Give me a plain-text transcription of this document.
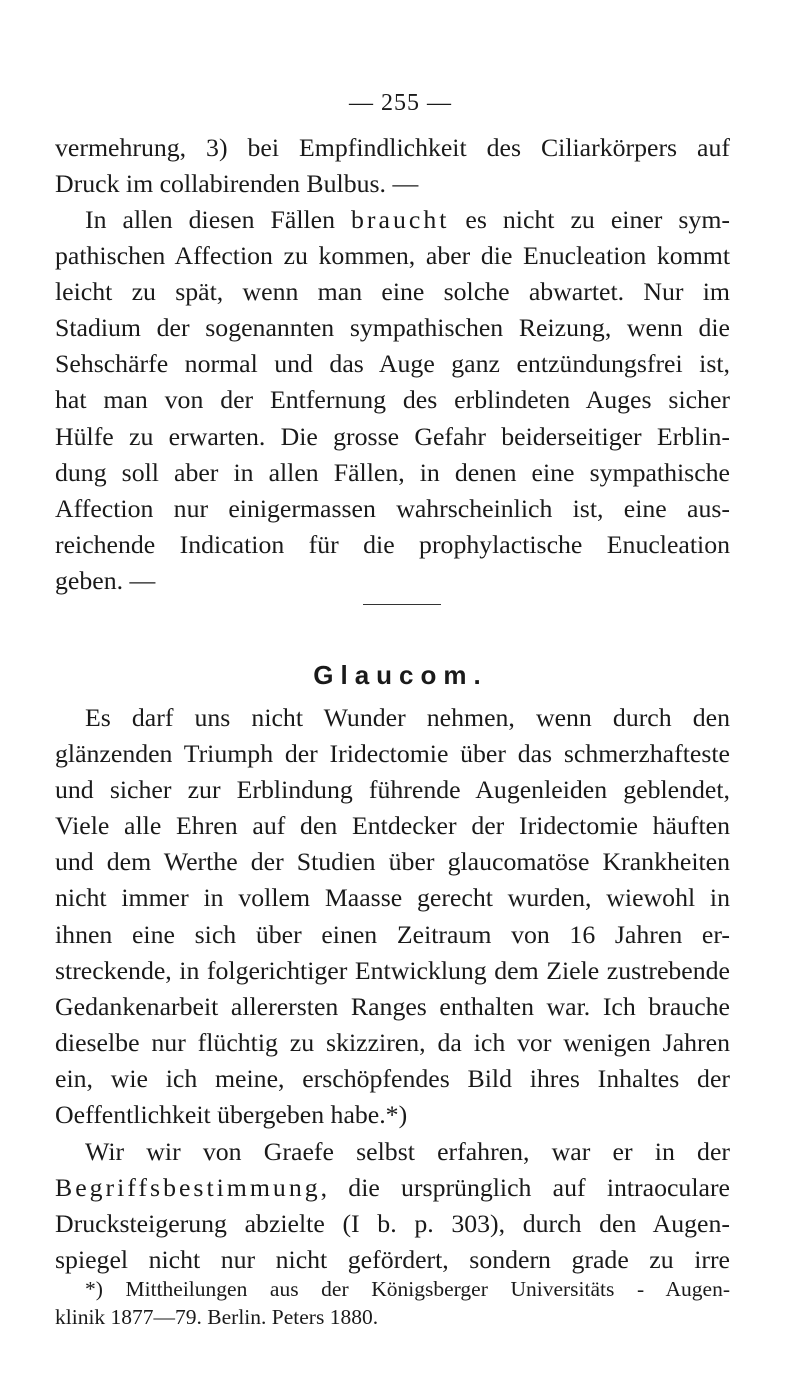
— 255 —
vermehrung, 3) bei Empfindlichkeit des Ciliarkörpers auf
Druck im collabirenden Bulbus. —
In allen diesen Fällen braucht es nicht zu einer sym-
pathischen Affection zu kommen, aber die Enucleation kommt
leicht zu spät, wenn man eine solche abwartet. Nur im
Stadium der sogenannten sympathischen Reizung, wenn die
Sehschärfe normal und das Auge ganz entzündungsfrei ist,
hat man von der Entfernung des erblindeten Auges sicher
Hülfe zu erwarten. Die grosse Gefahr beiderseitiger Erblin-
dung soll aber in allen Fällen, in denen eine sympathische
Affection nur einigermassen wahrscheinlich ist, eine aus-
reichende Indication für die prophylactische Enucleation
geben. —
Glaucom.
Es darf uns nicht Wunder nehmen, wenn durch den
glänzenden Triumph der Iridectomie über das schmerzhafteste
und sicher zur Erblindung führende Augenleiden geblendet,
Viele alle Ehren auf den Entdecker der Iridectomie häuften
und dem Werthe der Studien über glaucomatöse Krankheiten
nicht immer in vollem Maasse gerecht wurden, wiewohl in
ihnen eine sich über einen Zeitraum von 16 Jahren er-
streckende, in folgerichtiger Entwicklung dem Ziele zustrebende
Gedankenarbeit allerersten Ranges enthalten war. Ich brauche
dieselbe nur flüchtig zu skizziren, da ich vor wenigen Jahren
ein, wie ich meine, erschöpfendes Bild ihres Inhaltes der
Oeffentlichkeit übergeben habe.*)
Wir wir von Graefe selbst erfahren, war er in der
Begriffsbestimmung, die ursprünglich auf intraoculare
Drucksteigerung abzielte (I b. p. 303), durch den Augen-
spiegel nicht nur nicht gefördert, sondern grade zu irre
*) Mittheilungen aus der Königsberger Universitäts - Augen-
klinik 1877—79. Berlin. Peters 1880.
